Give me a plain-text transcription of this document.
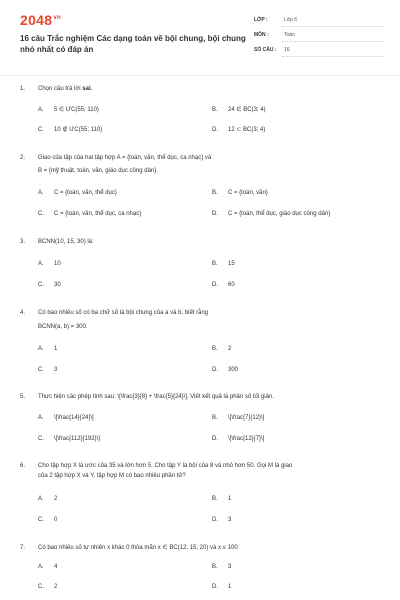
$2048^{vn}$
16 câu Trắc nghiệm Các dạng toán về bội chung, bội chung nhỏ nhất có đáp án
LỚP :	Lớp 6
MÔN :	Toán
SỐ CÂU : 16
1. Chọn câu trả lời sai.
A. 5 ∈ ƯC(55; 110)	B. 24 ∈ BC(3; 4)
C. 10 ∉ ƯC(55; 110)	D. 12 ⊂ BC(3; 4)
2. Giao của tập của hai tập hợp A = {toán, văn, thể dục, ca nhạc} và
B = {mỹ thuật, toán, văn, giáo dục công dân}.
A. C = {toán, văn, thể dục}	B. C = {toán, văn}
C. C = {toán, văn, thể dục, ca nhạc}	D. C = {toán, thể dục, giáo dục công dân}
3. BCNN(10, 15, 30) là:
A. 10	B. 15
C. 30	D. 60
4. Có bao nhiêu số có ba chữ số là bội chung của a và b, biết rằng
BCNN(a, b) = 300.
A. 1	B. 2
C. 3	D. 300
5. Thực hiện các phép tính sau: \[\frac{3}{8} + \frac{5}{24}\]. Viết kết quả là phân số tối giản.
A. \[\frac{14}{24}\]	B. \[\frac{7}{12}\]
C. \[\frac{112}{192}\]	D. \[\frac{12}{7}\]
6. Cho tập hợp X là ước của 35 và lớn hơn 5. Cho tập Y là bội của 8 và nhỏ hơn 50. Gọi M là giao
của 2 tập hợp X và Y, tập hợp M có bao nhiêu phần tử?
A. 2	B. 1
C. 0	D. 3
7. Có bao nhiêu số tự nhiên x khác 0 thỏa mãn x ∈ BC(12; 15; 20) và x ≤ 100
A. 4	B. 3
C. 2	D. 1
